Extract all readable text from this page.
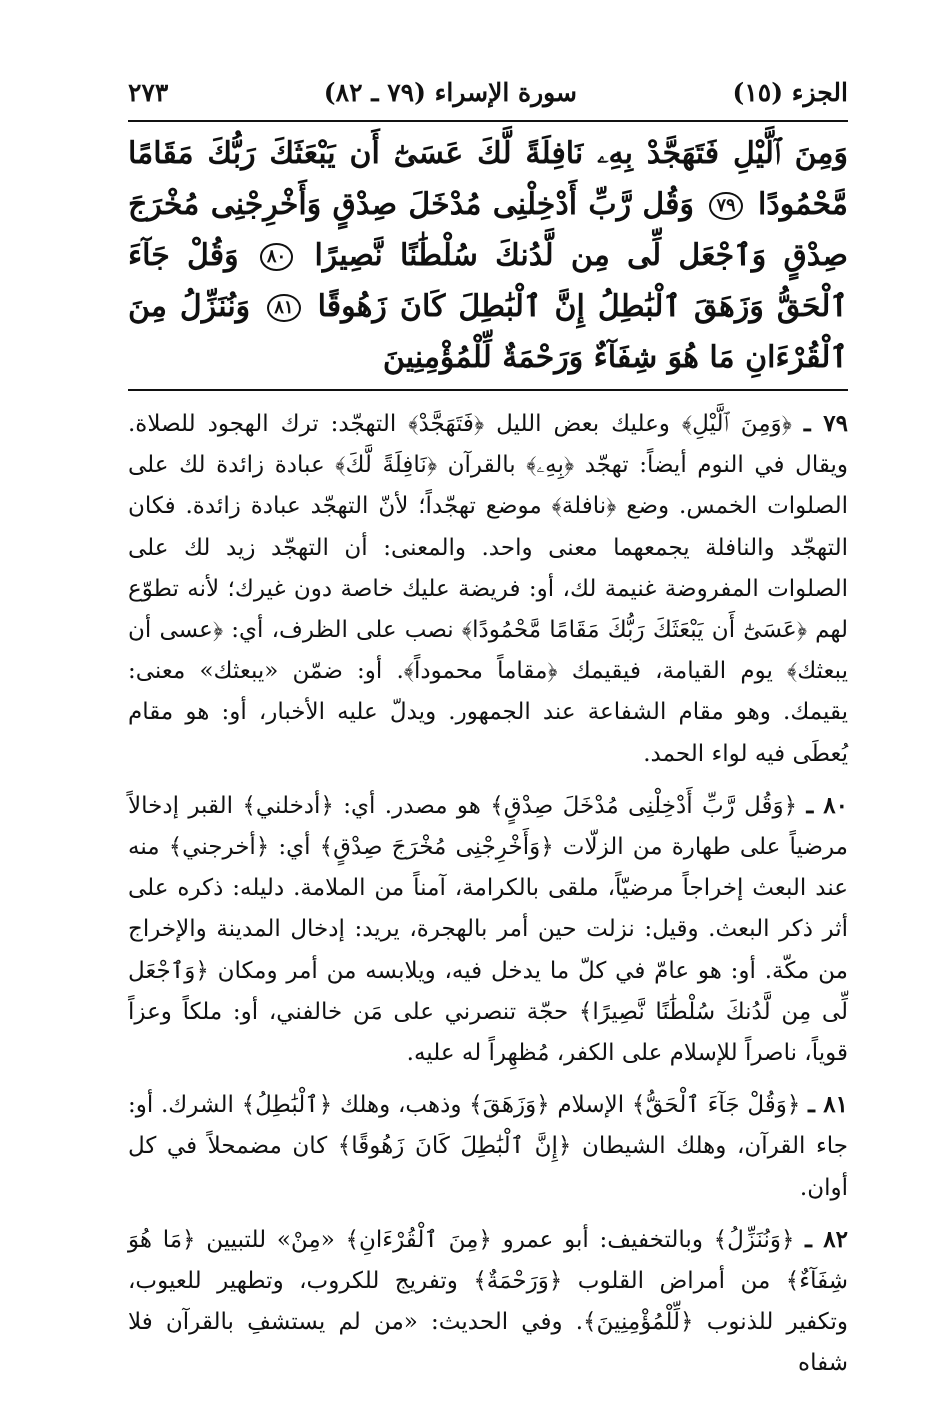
الجزء (١٥)
سورة الإسراء (٧٩ ـ ٨٢)
٢٧٣
وَمِنَ ٱلَّيْلِ فَتَهَجَّدْ بِهِۦ نَافِلَةً لَّكَ عَسَىٰٓ أَن يَبْعَثَكَ رَبُّكَ مَقَامًا مَّحْمُودًا ٧٩ وَقُل رَّبِّ أَدْخِلْنِى مُدْخَلَ صِدْقٍ وَأَخْرِجْنِى مُخْرَجَ صِدْقٍ وَٱجْعَل لِّى مِن لَّدُنكَ سُلْطَٰنًا نَّصِيرًا ٨٠ وَقُلْ جَآءَ ٱلْحَقُّ وَزَهَقَ ٱلْبَٰطِلُ إِنَّ ٱلْبَٰطِلَ كَانَ زَهُوقًا ٨١ وَنُنَزِّلُ مِنَ ٱلْقُرْءَانِ مَا هُوَ شِفَآءٌ وَرَحْمَةٌ لِّلْمُؤْمِنِينَ

٧٩ ـ ﴿وَمِنَ ٱلَّيْلِ﴾ وعليك بعض الليل ﴿فَتَهَجَّدْ﴾ التهجّد: ترك الهجود للصلاة. ويقال في النوم أيضاً: تهجّد ﴿بِهِۦ﴾ بالقرآن ﴿نَافِلَةً لَّكَ﴾ عبادة زائدة لك على الصلوات الخمس. وضع ﴿نافلة﴾ موضع تهجّداً؛ لأنّ التهجّد عبادة زائدة. فكان التهجّد والنافلة يجمعهما معنى واحد. والمعنى: أن التهجّد زيد لك على الصلوات المفروضة غنيمة لك، أو: فريضة عليك خاصة دون غيرك؛ لأنه تطوّع لهم ﴿عَسَىٰٓ أَن يَبْعَثَكَ رَبُّكَ مَقَامًا مَّحْمُودًا﴾ نصب على الظرف، أي: ﴿عسى أن يبعثك﴾ يوم القيامة، فيقيمك ﴿مقاماً محموداً﴾. أو: ضمّن «يبعثك» معنى: يقيمك. وهو مقام الشفاعة عند الجمهور. ويدلّ عليه الأخبار، أو: هو مقام يُعطَى فيه لواء الحمد.

٨٠ ـ ﴿وَقُل رَّبِّ أَدْخِلْنِى مُدْخَلَ صِدْقٍ﴾ هو مصدر. أي: ﴿أدخلني﴾ القبر إدخالاً مرضياً على طهارة من الزلّات ﴿وَأَخْرِجْنِى مُخْرَجَ صِدْقٍ﴾ أي: ﴿أخرجني﴾ منه عند البعث إخراجاً مرضيّاً، ملقى بالكرامة، آمناً من الملامة. دليله: ذكره على أثر ذكر البعث. وقيل: نزلت حين أمر بالهجرة، يريد: إدخال المدينة والإخراج من مكّة. أو: هو عامّ في كلّ ما يدخل فيه، ويلابسه من أمر ومكان ﴿وَٱجْعَل لِّى مِن لَّدُنكَ سُلْطَٰنًا نَّصِيرًا﴾ حجّة تنصرني على مَن خالفني، أو: ملكاً وعزاً قوياً، ناصراً للإسلام على الكفر، مُظهِراً له عليه.

٨١ ـ ﴿وَقُلْ جَآءَ ٱلْحَقُّ﴾ الإسلام ﴿وَزَهَقَ﴾ وذهب، وهلك ﴿ٱلْبَٰطِلُ﴾ الشرك. أو: جاء القرآن، وهلك الشيطان ﴿إِنَّ ٱلْبَٰطِلَ كَانَ زَهُوقًا﴾ كان مضمحلاً في كل أوان.

٨٢ ـ ﴿وَنُنَزِّلُ﴾ وبالتخفيف: أبو عمرو ﴿مِنَ ٱلْقُرْءَانِ﴾ «مِنْ» للتبيين ﴿مَا هُوَ شِفَآءٌ﴾ من أمراض القلوب ﴿وَرَحْمَةٌ﴾ وتفريج للكروب، وتطهير للعيوب، وتكفير للذنوب ﴿لِّلْمُؤْمِنِينَ﴾. وفي الحديث: «من لم يستشفِ بالقرآن فلا شفاه
